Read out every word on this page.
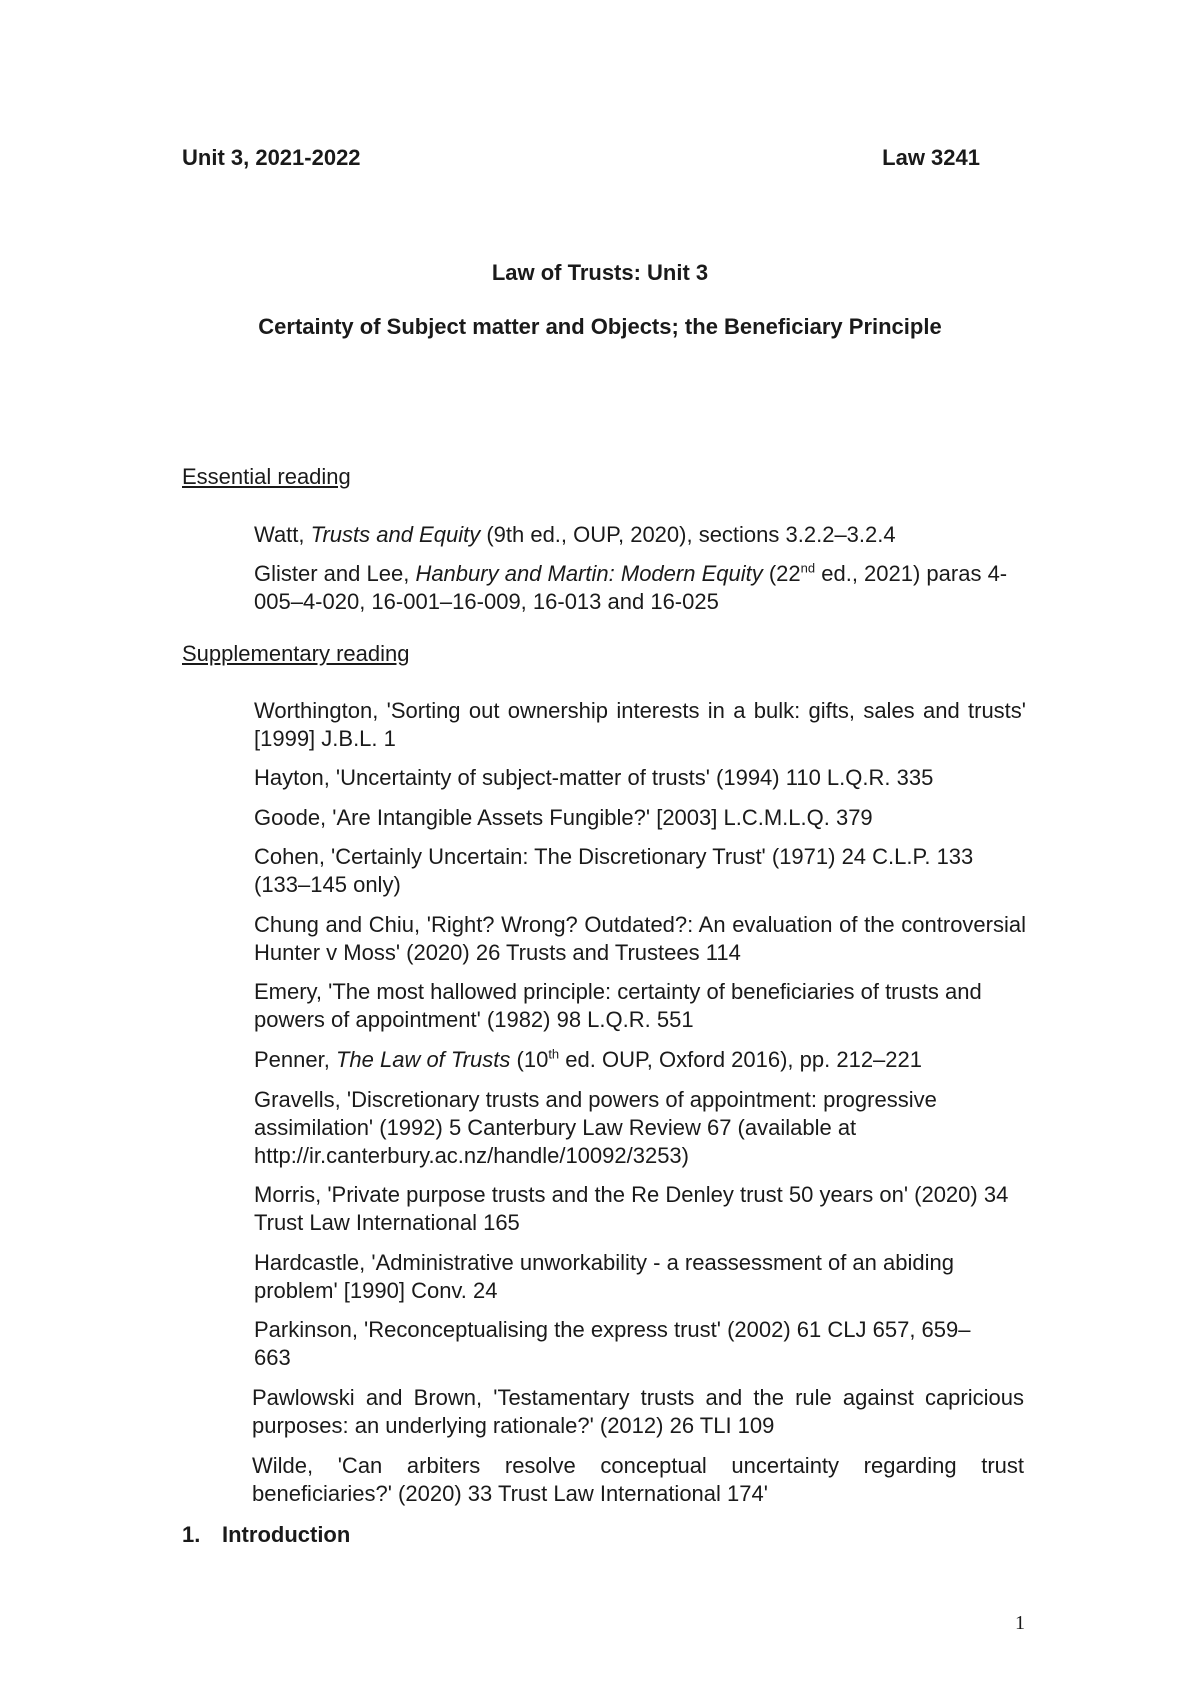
Unit 3, 2021-2022	Law 3241
Law of Trusts: Unit 3
Certainty of Subject matter and Objects; the Beneficiary Principle
Essential reading
Watt, Trusts and Equity (9th ed., OUP, 2020), sections 3.2.2–3.2.4
Glister and Lee, Hanbury and Martin: Modern Equity (22nd ed., 2021) paras 4-005–4-020, 16-001–16-009, 16-013 and 16-025
Supplementary reading
Worthington, 'Sorting out ownership interests in a bulk: gifts, sales and trusts' [1999] J.B.L. 1
Hayton, 'Uncertainty of subject-matter of trusts' (1994) 110 L.Q.R. 335
Goode, 'Are Intangible Assets Fungible?' [2003] L.C.M.L.Q. 379
Cohen, 'Certainly Uncertain: The Discretionary Trust' (1971) 24 C.L.P. 133 (133–145 only)
Chung and Chiu, 'Right? Wrong? Outdated?: An evaluation of the controversial Hunter v Moss' (2020) 26 Trusts and Trustees 114
Emery, 'The most hallowed principle: certainty of beneficiaries of trusts and powers of appointment' (1982) 98 L.Q.R. 551
Penner, The Law of Trusts (10th ed. OUP, Oxford 2016), pp. 212–221
Gravells, 'Discretionary trusts and powers of appointment: progressive assimilation' (1992) 5 Canterbury Law Review 67 (available at http://ir.canterbury.ac.nz/handle/10092/3253)
Morris, 'Private purpose trusts and the Re Denley trust 50 years on' (2020) 34 Trust Law International 165
Hardcastle, 'Administrative unworkability - a reassessment of an abiding problem' [1990] Conv. 24
Parkinson, 'Reconceptualising the express trust' (2002) 61 CLJ 657, 659–663
Pawlowski and Brown, 'Testamentary trusts and the rule against capricious purposes: an underlying rationale?' (2012) 26 TLI 109
Wilde, 'Can arbiters resolve conceptual uncertainty regarding trust beneficiaries?' (2020) 33 Trust Law International 174'
1. Introduction
1
